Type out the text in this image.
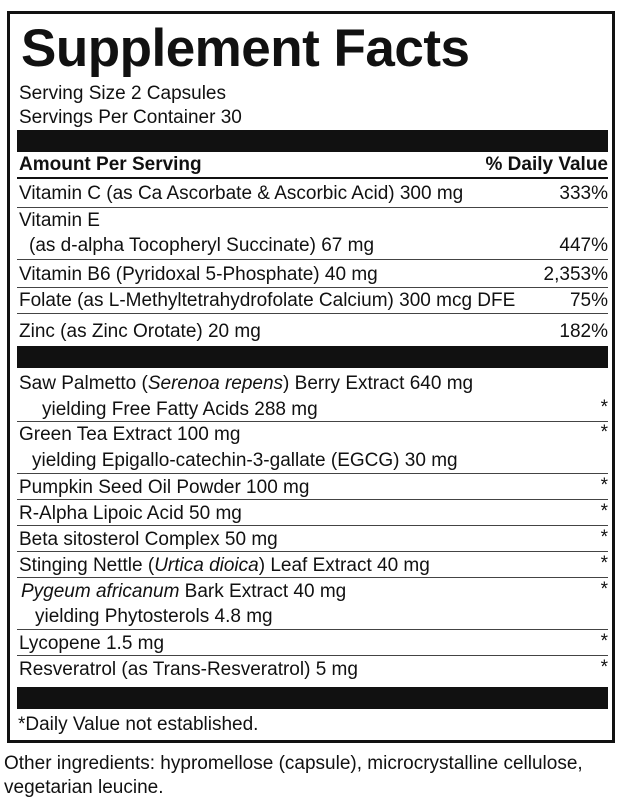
Supplement Facts
Serving Size 2 Capsules
Servings Per Container 30
Amount Per Serving	% Daily Value
Vitamin C (as Ca Ascorbate & Ascorbic Acid) 300 mg	333%
Vitamin E
(as d-alpha Tocopheryl Succinate) 67 mg	447%
Vitamin B6 (Pyridoxal 5-Phosphate) 40 mg	2,353%
Folate (as L-Methyltetrahydrofolate Calcium) 300 mcg DFE	75%
Zinc (as Zinc Orotate) 20 mg	182%
Saw Palmetto (Serenoa repens) Berry Extract 640 mg
yielding Free Fatty Acids 288 mg	*
Green Tea Extract 100 mg	*
yielding Epigallo-catechin-3-gallate (EGCG) 30 mg
Pumpkin Seed Oil Powder 100 mg	*
R-Alpha Lipoic Acid 50 mg	*
Beta sitosterol Complex 50 mg	*
Stinging Nettle (Urtica dioica) Leaf Extract 40 mg	*
Pygeum africanum Bark Extract 40 mg	*
yielding Phytosterols 4.8 mg
Lycopene 1.5 mg	*
Resveratrol (as Trans-Resveratrol) 5 mg	*
*Daily Value not established.
Other ingredients: hypromellose (capsule), microcrystalline cellulose, vegetarian leucine.
